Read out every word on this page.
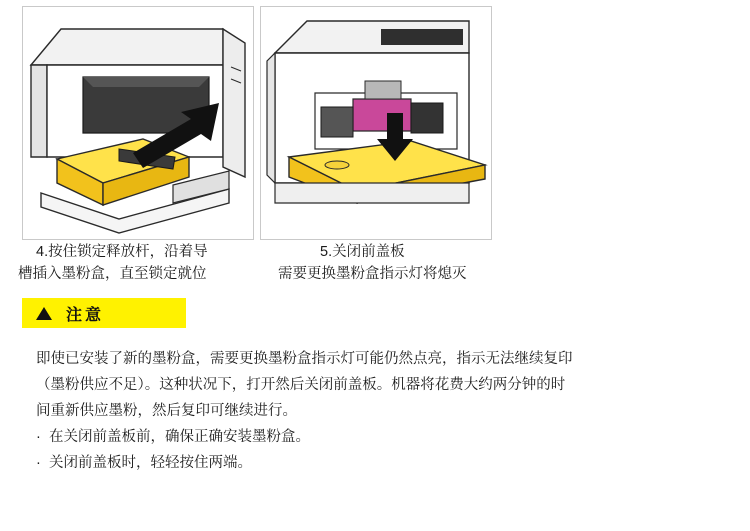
4.按住锁定释放杆，沿着导	5.关闭前盖板
槽插入墨粉盒，直至锁定就位	需要更换墨粉盒指示灯将熄灭
注意

即使已安装了新的墨粉盒，需要更换墨粉盒指示灯可能仍然点亮，指示无法继续复印

（墨粉供应不足）。这种状况下，打开然后关闭前盖板。机器将花费大约两分钟的时

间重新供应墨粉，然后复印可继续进行。

· 在关闭前盖板前，确保正确安装墨粉盒。

· 关闭前盖板时，轻轻按住两端。
